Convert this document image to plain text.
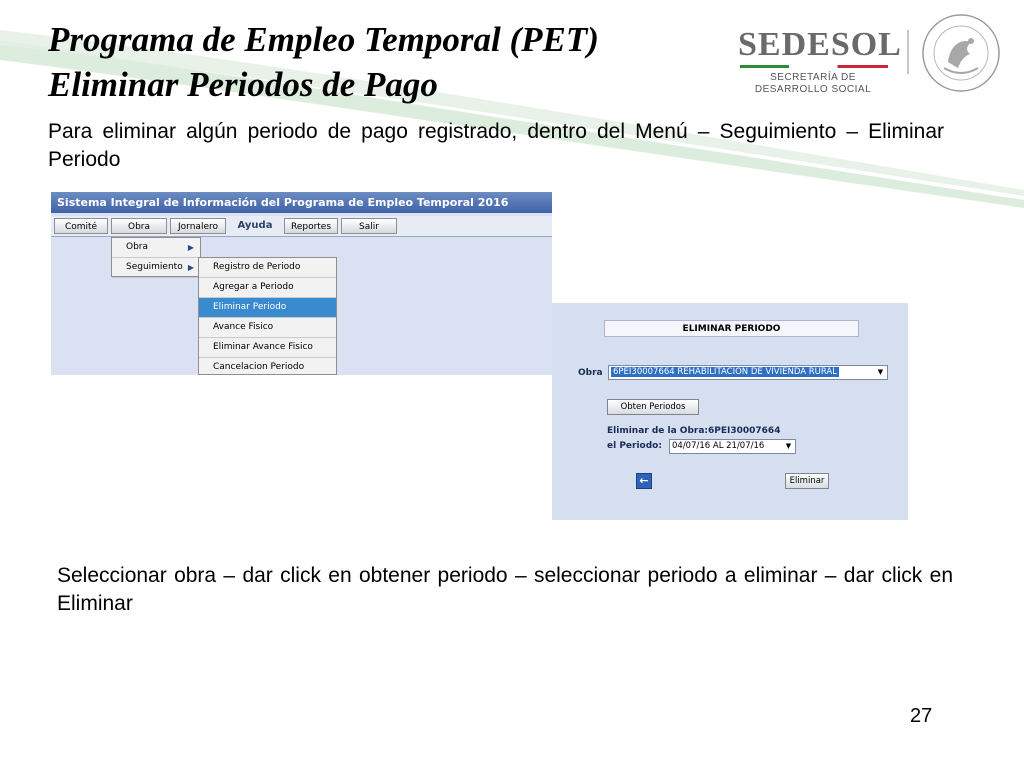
Programa de Empleo Temporal (PET)
Eliminar Periodos de Pago
SEDESOL
SECRETARÍA DE
DESARROLLO SOCIAL

Para eliminar algún periodo de pago registrado, dentro del Menú – Seguimiento – Eliminar Periodo

Sistema Integral de Información del Programa de Empleo Temporal 2016
Comité	Obra	Jornalero	Ayuda	Reportes	Salir
Obra	▶
Seguimiento ▶	Registro de Periodo
Agregar a Periodo
Eliminar Periodo
Avance Fisico
Eliminar Avance Fisico
Cancelacion Periodo
ELIMINAR PERIODO
Obra	6PEI30007664 REHABILITACION DE VIVIENDA RURAL	▼
Obten Periodos
Eliminar de la Obra:6PEI30007664
el Periodo:	04/07/16 AL 21/07/16	▼
←	Eliminar

Seleccionar obra – dar click en obtener periodo – seleccionar periodo a eliminar – dar click en Eliminar

27
